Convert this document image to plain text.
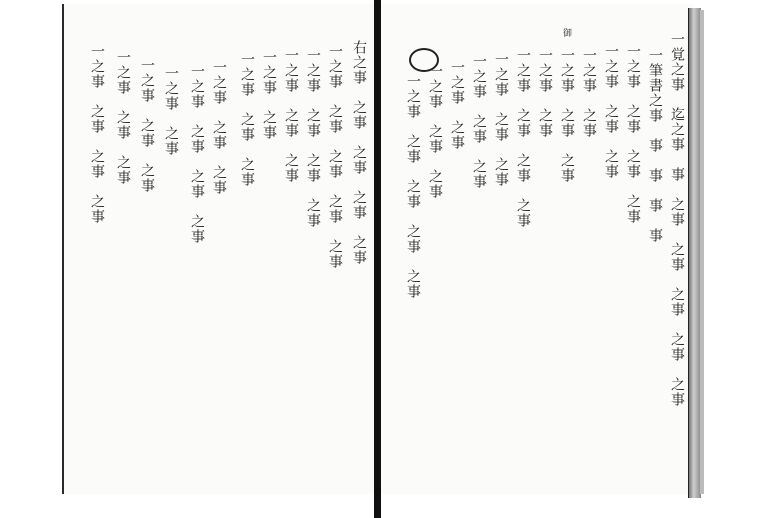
御	一覚之事　迄之事　事　之事　之事　之事　之事　之事
一筆書之事　事　事　事　事
一之事　之事　之事　之事
一之事　之事　之事
一之事　之事
一之事　之事　之事
一之事　之事
一之事　之事　之事　之事
一之事　之事　之事
一之事　之事　之事
一之事　之事
一之事　之事　之事
一之事　之事　之事　之事　之事
右之事　之事　之事　之事　之事
一之事　之事　之事　之事　之事
一之事　之事　之事　之事
一之事　之事　之事
一之事　之事
一之事　之事　之事
一之事　之事　之事
一之事　之事　之事　之事
一之事　之事
一之事　之事　之事
一之事　之事　之事
一之事　之事　之事　之事
